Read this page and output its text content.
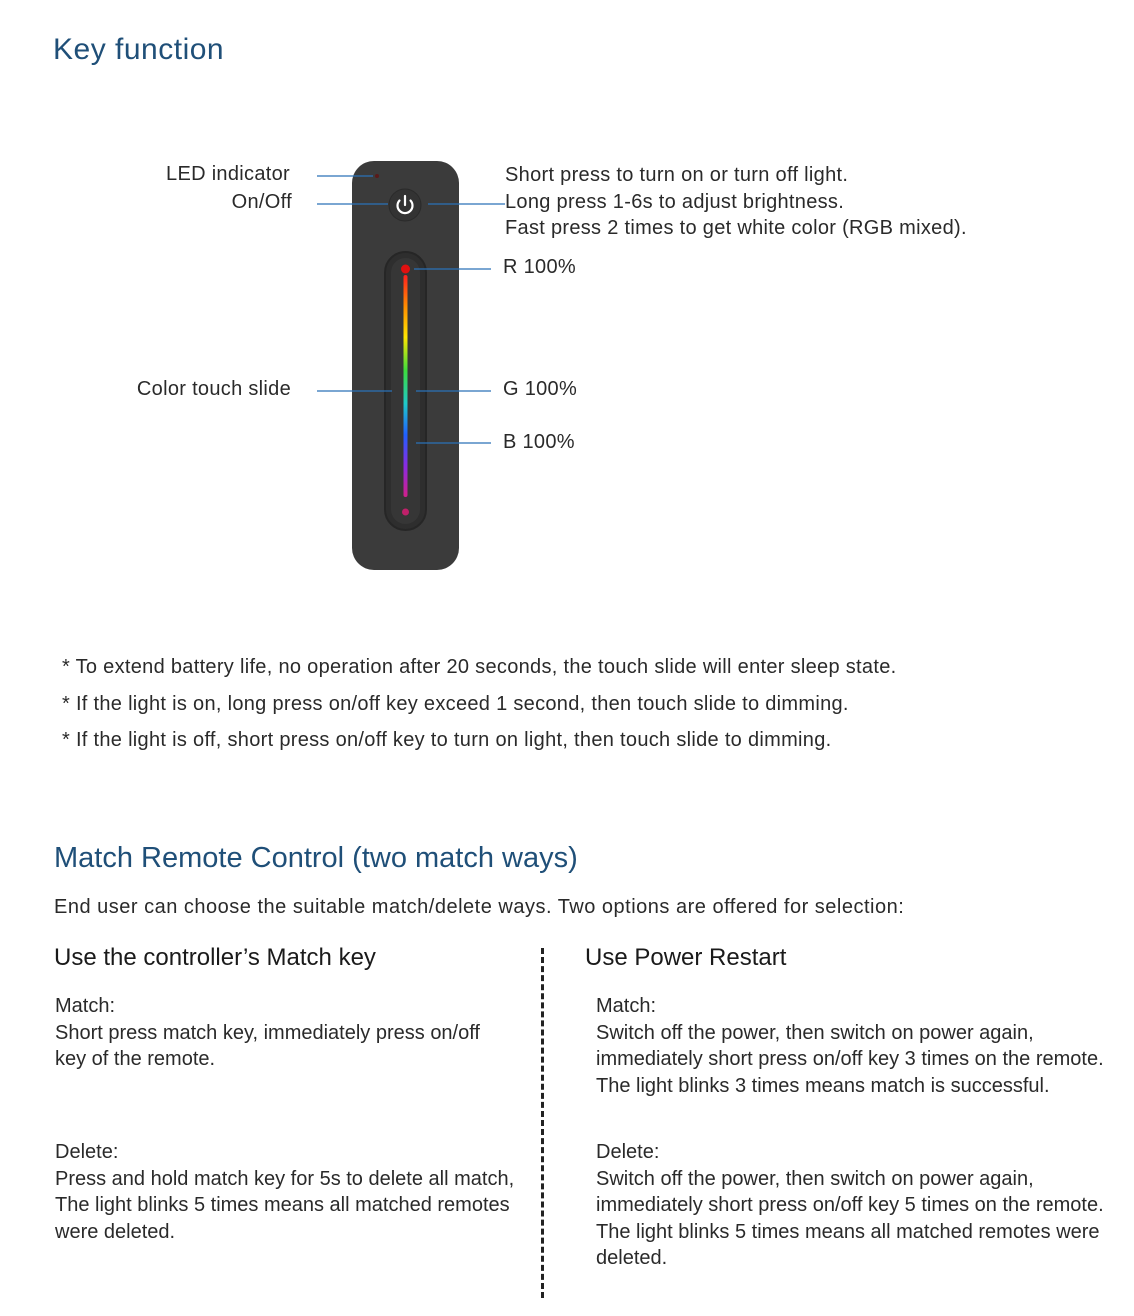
Key function
LED indicator
On/Off
Color touch slide
Short press to turn on or turn off light.
Long press 1-6s to adjust brightness.
Fast press 2 times to get white color (RGB mixed).
R 100%
G 100%
B 100%
* To extend battery life, no operation after 20 seconds, the touch slide will enter sleep state.
* If the light is on, long press on/off key exceed 1 second, then touch slide to dimming.
* If the light is off, short press on/off key to turn on light, then touch slide to dimming.
Match Remote Control (two match ways)
End user can choose the suitable match/delete ways. Two options are offered for selection:
Use the controller’s Match key
Match:
Short press match key, immediately press on/off
key of the remote.
Delete:
Press and hold match key for 5s to delete all match,
The light blinks 5 times means all matched remotes
were deleted.
Use Power Restart
Match:
Switch off the power, then switch on power again,
immediately short press on/off key 3 times on the remote.
The light blinks 3 times means match is successful.
Delete:
Switch off the power, then switch on power again,
immediately short press on/off key 5 times on the remote.
The light blinks 5 times means all matched remotes were
deleted.
